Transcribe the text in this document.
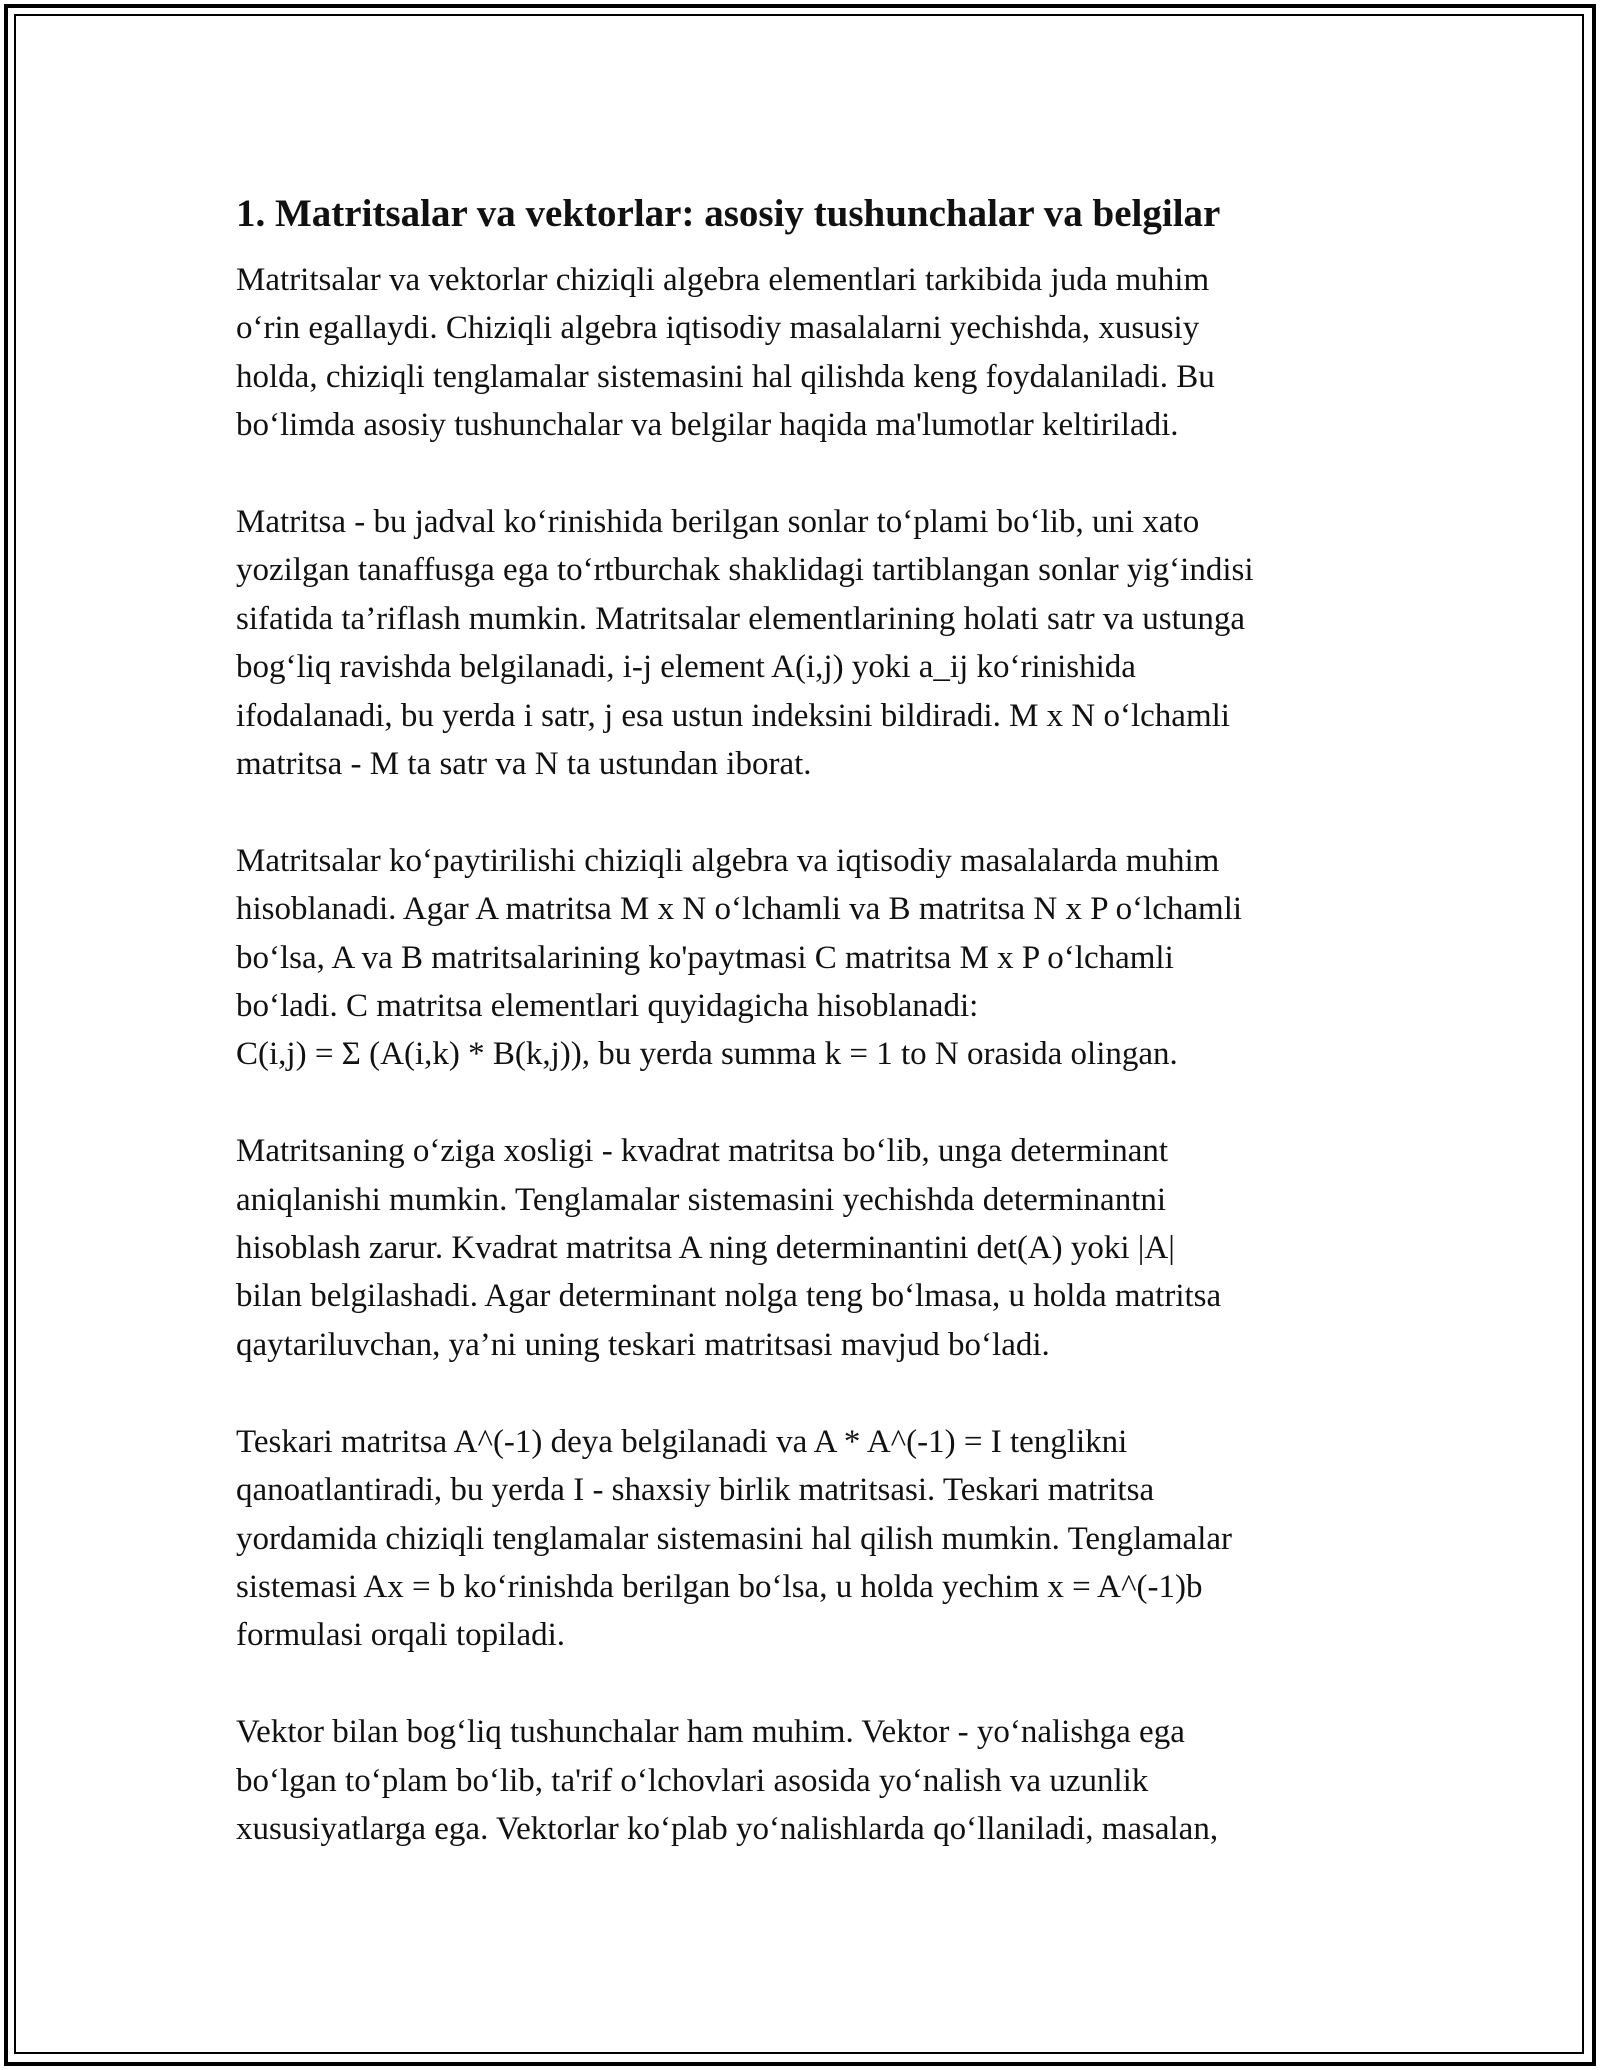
1. Matritsalar va vektorlar: asosiy tushunchalar va belgilar

Matritsalar va vektorlar chiziqli algebra elementlari tarkibida juda muhim
o‘rin egallaydi. Chiziqli algebra iqtisodiy masalalarni yechishda, xususiy
holda, chiziqli tenglamalar sistemasini hal qilishda keng foydalaniladi. Bu
bo‘limda asosiy tushunchalar va belgilar haqida ma'lumotlar keltiriladi.

Matritsa - bu jadval ko‘rinishida berilgan sonlar to‘plami bo‘lib, uni xato
yozilgan tanaffusga ega to‘rtburchak shaklidagi tartiblangan sonlar yig‘indisi
sifatida ta’riflash mumkin. Matritsalar elementlarining holati satr va ustunga
bog‘liq ravishda belgilanadi, i-j element A(i,j) yoki a_ij ko‘rinishida
ifodalanadi, bu yerda i satr, j esa ustun indeksini bildiradi. M x N o‘lchamli
matritsa - M ta satr va N ta ustundan iborat.

Matritsalar ko‘paytirilishi chiziqli algebra va iqtisodiy masalalarda muhim
hisoblanadi. Agar A matritsa M x N o‘lchamli va B matritsa N x P o‘lchamli
bo‘lsa, A va B matritsalarining ko'paytmasi C matritsa M x P o‘lchamli
bo‘ladi. C matritsa elementlari quyidagicha hisoblanadi:
C(i,j) = Σ (A(i,k) * B(k,j)), bu yerda summa k = 1 to N orasida olingan.

Matritsaning o‘ziga xosligi - kvadrat matritsa bo‘lib, unga determinant
aniqlanishi mumkin. Tenglamalar sistemasini yechishda determinantni
hisoblash zarur. Kvadrat matritsa A ning determinantini det(A) yoki |A|
bilan belgilashadi. Agar determinant nolga teng bo‘lmasa, u holda matritsa
qaytariluvchan, ya’ni uning teskari matritsasi mavjud bo‘ladi.

Teskari matritsa A^(-1) deya belgilanadi va A * A^(-1) = I tenglikni
qanoatlantiradi, bu yerda I - shaxsiy birlik matritsasi. Teskari matritsa
yordamida chiziqli tenglamalar sistemasini hal qilish mumkin. Tenglamalar
sistemasi Ax = b ko‘rinishda berilgan bo‘lsa, u holda yechim x = A^(-1)b
formulasi orqali topiladi.

Vektor bilan bog‘liq tushunchalar ham muhim. Vektor - yo‘nalishga ega
bo‘lgan to‘plam bo‘lib, ta'rif o‘lchovlari asosida yo‘nalish va uzunlik
xususiyatlarga ega. Vektorlar ko‘plab yo‘nalishlarda qo‘llaniladi, masalan,
